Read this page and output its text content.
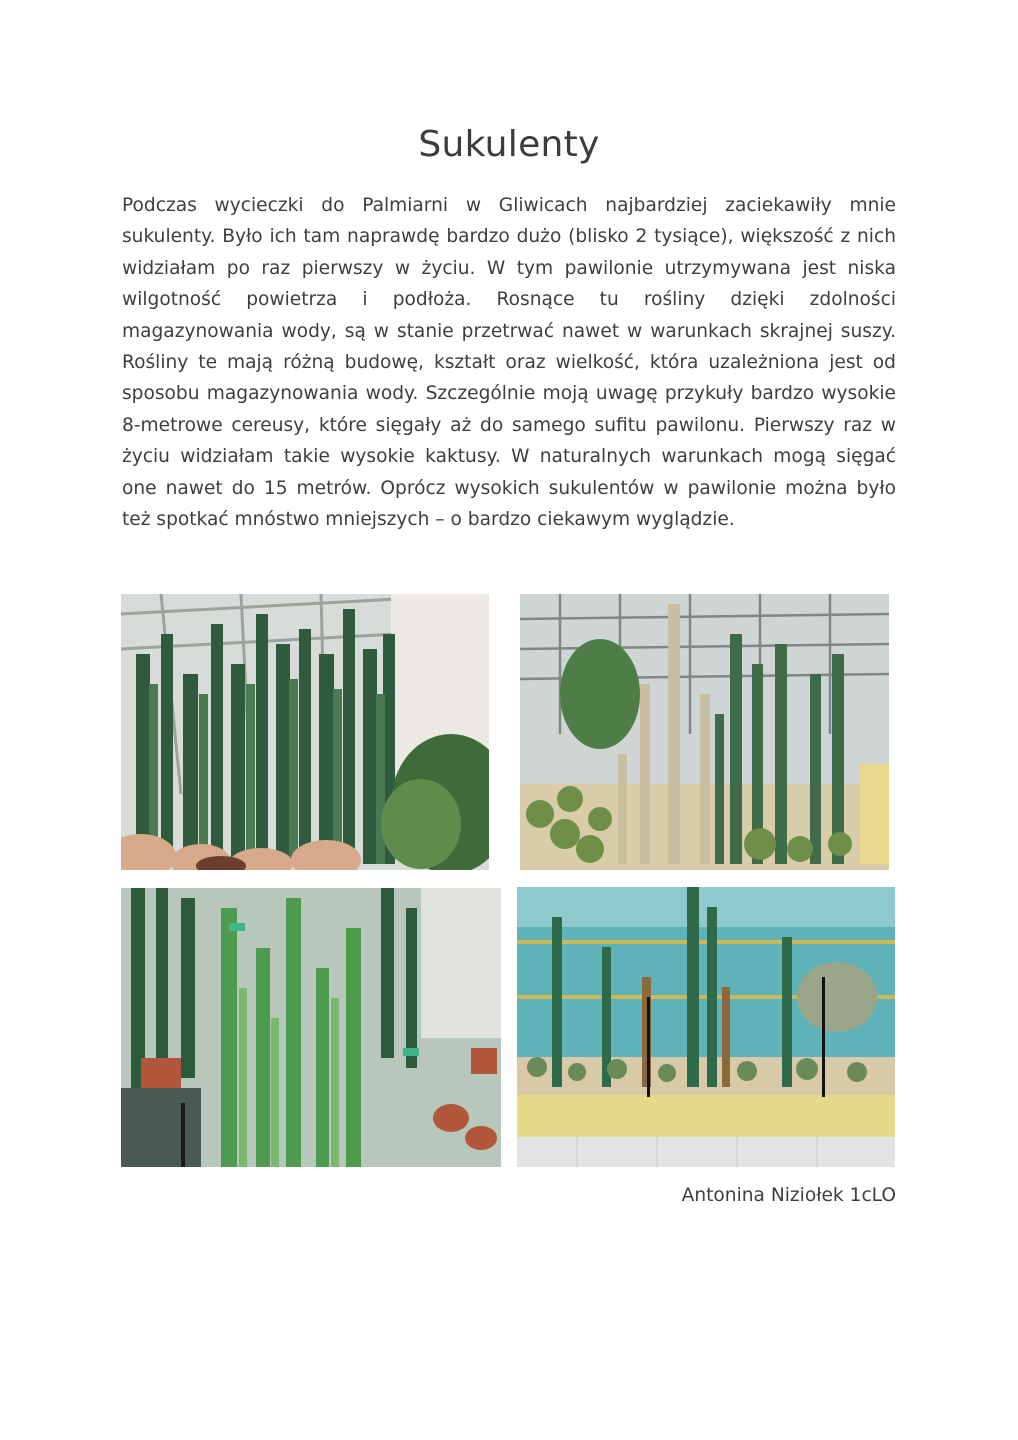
Sukulenty

Podczas wycieczki do Palmiarni w Gliwicach najbardziej zaciekawiły mnie sukulenty. Było ich tam naprawdę bardzo dużo (blisko 2 tysiące), większość z nich widziałam po raz pierwszy w życiu. W tym pawilonie utrzymywana jest niska wilgotność powietrza i podłoża. Rosnące tu rośliny dzięki zdolności magazynowania wody, są w stanie przetrwać nawet w warunkach skrajnej suszy. Rośliny te mają różną budowę, kształt oraz wielkość, która uzależniona jest od sposobu magazynowania wody. Szczególnie moją uwagę przykuły bardzo wysokie 8-metrowe cereusy, które sięgały aż do samego sufitu pawilonu. Pierwszy raz w życiu widziałam takie wysokie kaktusy. W naturalnych warunkach mogą sięgać one nawet do 15 metrów. Oprócz wysokich sukulentów w pawilonie można było też spotkać mnóstwo mniejszych – o bardzo ciekawym wyglądzie.

Antonina Niziołek 1cLO
